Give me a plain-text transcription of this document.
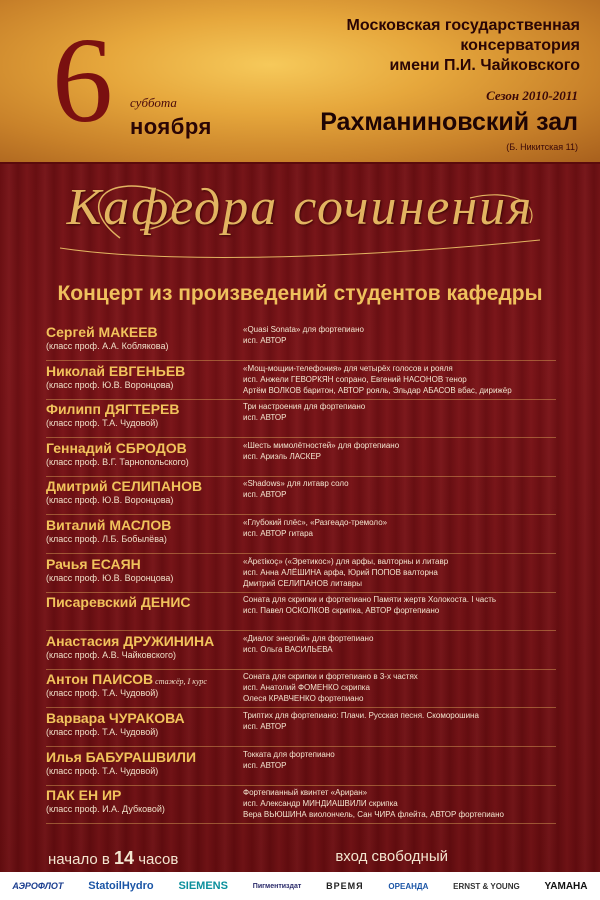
6 суббота
ноября
Московская государственная
консерватория
имени П.И. Чайковского
Сезон 2010-2011
Рахманиновский зал
(Б. Никитская 11)
Кафедра сочинения
Концерт из произведений студентов кафедры
Сергей МАКЕЕВ
(класс проф. А.А. Коблякова)
«Quasi Sonata» для фортепиано
исп. АВТОР
Николай ЕВГЕНЬЕВ
(класс проф. Ю.В. Воронцова)
«Мощ-мощии-телефония» для четырёх голосов и рояля
исп. Анжели ГЕВОРКЯН сопрано, Евгений НАСОНОВ тенор
Артём ВОЛКОВ баритон, АВТОР рояль, Эльдар АБАСОВ вбас, дирижёр
Филипп ДЯГТЕРЕВ
(класс проф. Т.А. Чудовой)
Три настроения для фортепиано
исп. АВТОР
Геннадий СБРОДОВ
(класс проф. В.Г. Тарнопольского)
«Шесть мимолётностей» для фортепиано
исп. Ариэль ЛАСКЕР
Дмитрий СЕЛИПАНОВ
(класс проф. Ю.В. Воронцова)
«Shadows» для литавр соло
исп. АВТОР
Виталий МАСЛОВ
(класс проф. Л.Б. Бобылёва)
«Глубокий плёс», «Разгеадо-тремоло»
исп. АВТОР гитара
Рачья ЕСАЯН
(класс проф. Ю.В. Воронцова)
«Äрєτiкοç» («Эретикос») для арфы, валторны и литавр
исп. Анна АЛЁШИНА арфа, Юрий ПОПОВ валторна
Дмитрий СЕЛИПАНОВ литавры
Писаревский ДЕНИС	Соната для скрипки и фортепиано Памяти жертв Холокоста. I часть
исп. Павел ОСКОЛКОВ скрипка, АВТОР фортепиано
Анастасия ДРУЖИНИНА
(класс проф. А.В. Чайковского)
«Диалог энергий» для фортепиано
исп. Ольга ВАСИЛЬЕВА
Антон ПАИСОВ стажёр, I курс
(класс проф. Т.А. Чудовой)
Соната для скрипки и фортепиано в 3-х частях
исп. Анатолий ФОМЕНКО скрипка
Олеся КРАВЧЕНКО фортепиано
Варвара ЧУРАКОВА
(класс проф. Т.А. Чудовой)
Триптих для фортепиано: Плачи. Русская песня. Скоморошина
исп. АВТОР
Илья БАБУРАШВИЛИ
(класс проф. Т.А. Чудовой)
Токката для фортепиано
исп. АВТОР
ПАК ЕН ИР
(класс проф. И.А. Дубковой)
Фортепианный квинтет «Ариран»
исп. Александр МИНДИАШВИЛИ скрипка
Вера ВЬЮШИНА виолончель, Сан ЧИРА флейта, АВТОР фортепиано
начало в 14 часов	вход свободный
АЭРОФЛОТ StatoilHydro SIEMENS	Пигментиздат	ВРЕМЯ	ОРЕАНДА	ERNST & YOUNG YAMAHA
